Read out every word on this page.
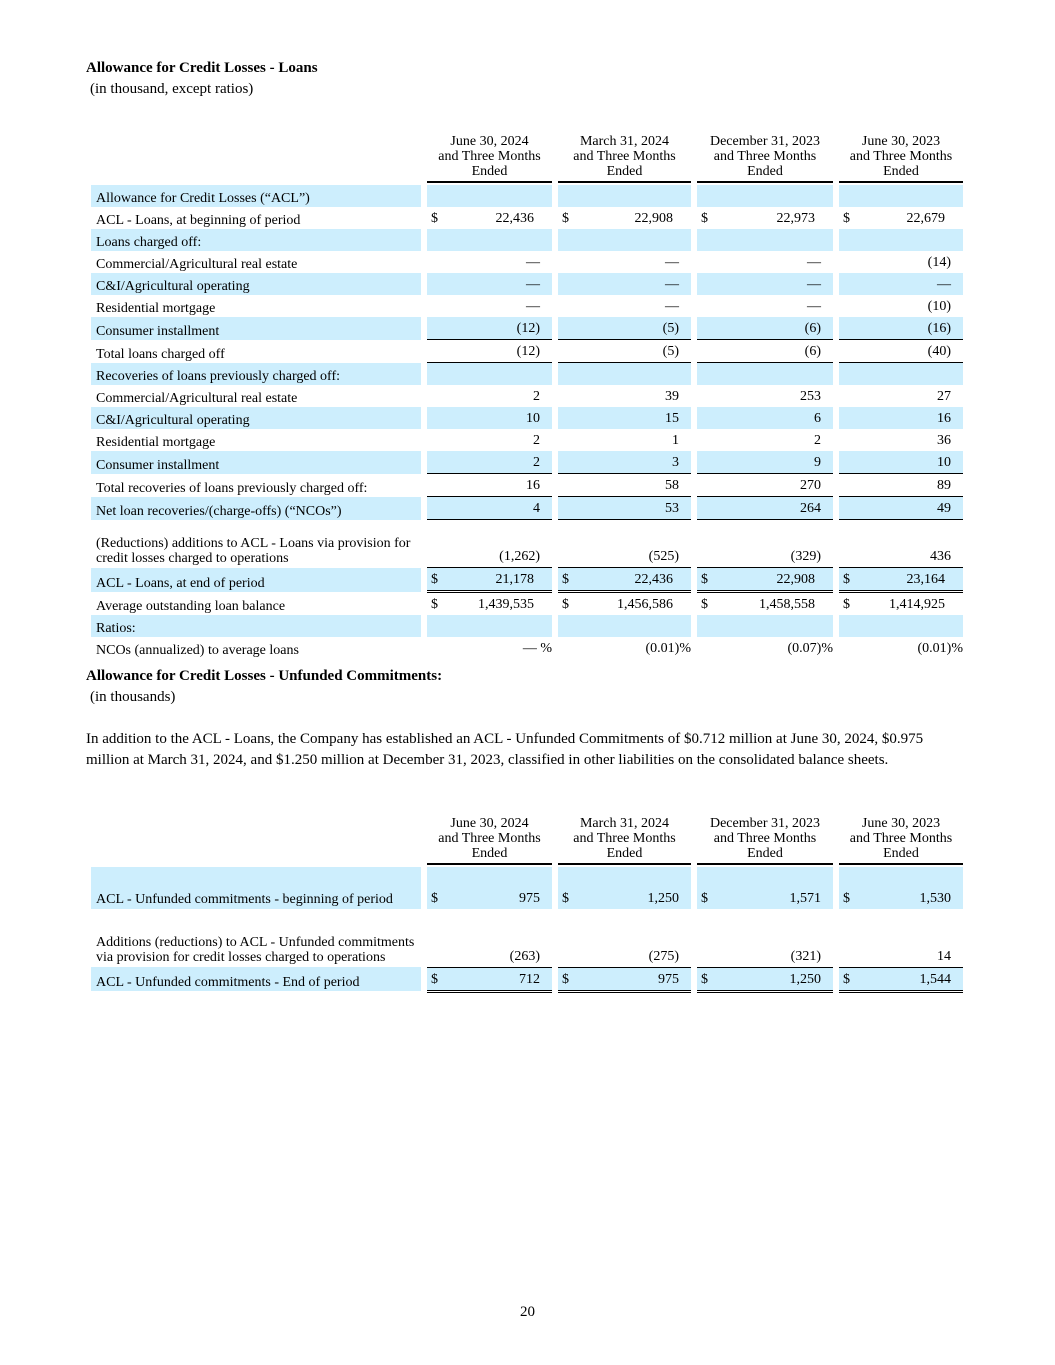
Allowance for Credit Losses - Loans
(in thousand, except ratios)
		June 30, 2024
and Three Months
Ended		March 31, 2024
and Three Months
Ended		December 31, 2023
and Three Months
Ended		June 30, 2023
and Three Months
Ended
Allowance for Credit Losses (“ACL”)		

ACL - Loans, at beginning of period		$ 22,436		$ 22,908		$ 22,973		$ 22,679

Loans charged off:		

Commercial/Agricultural real estate		—		—		—		(14)

C&I/Agricultural operating		—		—		—		—

Residential mortgage		—		—		—		(10)

Consumer installment		(12)		(5)		(6)		(16)

Total loans charged off		(12)		(5)		(6)		(40)

Recoveries of loans previously charged off:		

Commercial/Agricultural real estate		2		39		253		27

C&I/Agricultural operating		10		15		6		16

Residential mortgage		2		1		2		36

Consumer installment		2		3		9		10

Total recoveries of loans previously charged off:		16		58		270		89

Net loan recoveries/(charge-offs) (“NCOs”)		4		53		264		49

(Reductions) additions to ACL - Loans via provision for credit losses charged to operations		(1,262)		(525)		(329)		436

ACL - Loans, at end of period		$ 21,178		$ 22,436		$ 22,908		$ 23,164

Average outstanding loan balance		$ 1,439,535		$ 1,456,586		$ 1,458,558		$ 1,414,925

Ratios:		

NCOs (annualized) to average loans		— %		(0.01)%		(0.07)%		(0.01)%
Allowance for Credit Losses - Unfunded Commitments:
(in thousands)
In addition to the ACL - Loans, the Company has established an ACL - Unfunded Commitments of $0.712 million at June 30, 2024, $0.975 million at March 31, 2024, and $1.250 million at December 31, 2023, classified in other liabilities on the consolidated balance sheets.
		June 30, 2024
and Three Months
Ended		March 31, 2024
and Three Months
Ended		December 31, 2023
and Three Months
Ended		June 30, 2023
and Three Months
Ended
ACL - Unfunded commitments - beginning of period		$ 975		$ 1,250		$ 1,571		$ 1,530

Additions (reductions) to ACL - Unfunded commitments via provision for credit losses charged to operations		(263)		(275)		(321)		14

ACL - Unfunded commitments - End of period		$ 712		$ 975		$ 1,250		$ 1,544
20
